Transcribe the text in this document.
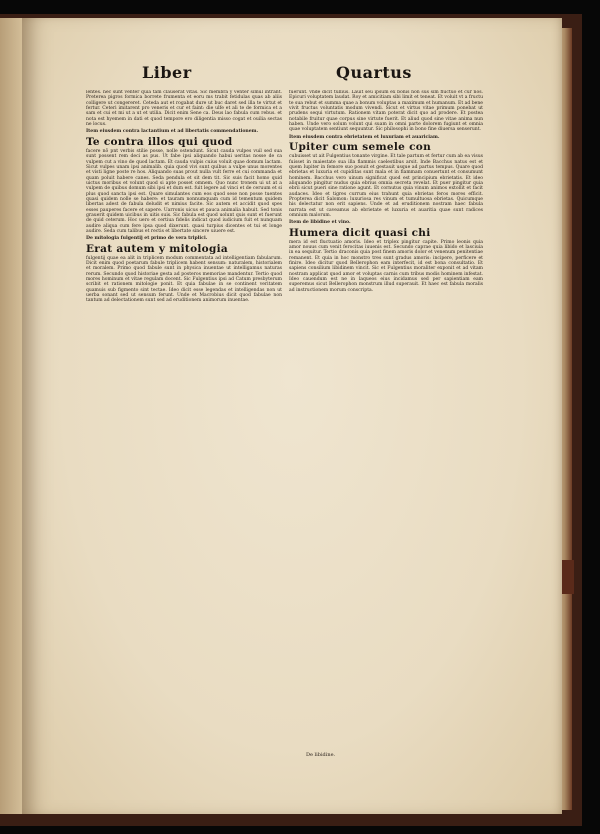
Liber	Quartus

lentes. nec sunt venter quia tam clauserat vitas. Sic membra y venter simul intrant. Preterea pigros formica borrete frumenta et eoru ms trabit fetidulas quas ab aliis colligere ut congereret. Ceteda aut et rogabat dure ut buc daret sed illa te virtut et fertur. Ceteri imitarent pro veneris et cur et faint: die ulfe et ali te de formica et a sam et cui et mi ut a ut et utilia. Dicit enim Sene ca. Deus lao fabula cum rebus. et nota est hyemem in dati et quod tempore ero diligentia misso cogat et ouilia sectas ne locus.

Item eiusdem contra lactantium et ad libertatis commendationem.

Te contra illos qui quod

facere nō pnt verbis stilie posse, nolle ostendunt. Sicut cauda vulpes vuil sed sua sunt possent rem deci as pus. Ut fabe ipsi aliquando habui ueritas nosse de ca vulpem cut a vino de quod lactam. Et cauda vulpis cuius voluit quae domum lactam. Sicut vulpes unam ipsi animalib. quia quod vivi sunt quibus a vulpe unus morentes et visti ligne poste re hos. Aliquando suas prout nulla vult ferre et cui commanda et quam poluit habere canes. Seda pendula et sit dem tit. Sic suis facit homo quid uictus moribus et volunt quod si apte posset omnem. Quo nunc tronem ui ut at a vulpem de quibus domum sibi ipsi et dum est. fuit legere ad vinci et de ceruum et si plus quod sancta ipsi est. Quare simulantes cum eos quod sese non posse tuentes quasi quidem nolle se habere: et tauram nonnumquam cum id tementum quidem libertas adest de fabula deludit et nimius facite. Sic autem et accidit quod spes esses pauperes facere et sapere. Uarronis uicus et pauca animalia habuit. Sed tonis grauerit quidem uicibus in uitis suis. Sic fabula est quod uolunt quis sunt et fuerunt de quid ceterum. Hoc uero et certiua fidelis indicat quod iudicium fuit et nunquam audire aliqua cum fere ipsa quod dixerunt. quasi turpius dicentes et tui et longe audire. Seda cum talibus et rectis et libertate sincere uiuere est.

De mitologia fulgentij et primo de vera triplici.

Erat autem y mitologia

fulgentij quae ea alit in triplicem modum commentata ad intelligentiam fabularum. Dicit enim quod poetarum fabule triplicem habent sensum: naturalem, historialem et moralem. Primo quod fabule sunt in physica inuentae ut intelligamus naturas rerum. Secundo quod historiae gesta ad posteros memoriae mandentur. Tertio quod mores hominum et vitae regulam docent. Sic Fulgentius ipsi ad Catum presbyterum scribit et rationem mitologie ponit. Et quia fabulae in se continent veritatem quamuis sub figmento sint tectae. Ideo dicit esse legendas et intelligendas non ut uerba sonant sed ut sensum ferunt. Unde et Macrobius dicit quod fabulae non tantum ad delectationem sunt sed ad eruditionem animorum inuentae.

fuerunt. vnde dicit tullius. Lauit seu ipsum ex bonis non sus sim fluctuo et cur nos. Epicuri voluptatem laudat. Roy et amicitiam sibi limit et teneat. Et voluit vt a fructu te sua rebut et summa quae a bonum voluptas a maximum et humanum. Et ad bene vivit fructus voluntatis modum vivendi. Sicut et virtus vitae primum ponebat ut prudens sequi virtutum. Rationem vitam poterat dicit quo ad prodere. Et postea notabile fruitur quae corpus sine virtute fuerit. Et aliud quod sine vitae anima nun haben. Unde vero solum volunt qui suam in omni parte dolorem fugiunt et omnia quae voluptatem sentiunt sequuntur. Sic philosophi in bono fine diuersa senserunt.

Item eiusdem contra ebrietatem et luxuriam et auariciam.

Upiter cum semele con

cubuisset ut ait Fulgentius tonante virgine. Et tale partum et fertur cum ab ea visus fuisset in maiestate sua illa flammis caelestibus arsit. Inde Bacchus natus est et quem Iupiter in femore suo posuit et gestauit usque ad partus tempus. Quare quod ebrietas et luxuria et cupiditas sunt mala et in flammam conuertunt et consumunt hominem. Bacchus vero uinum significat quod est principium ebrietatis. Et ideo aliquando pingitur nudus quia ebrius omnia secreta revelat. Et puer pingitur quia ebrii sicut pueri sine ratione agunt. Et cornutus quia vinum animos extollit et facit audaces. Ideo et tigres currum eius trahunt quia ebrietas feros mores efficit. Propterea dicit Salomon: luxuriosa res vinum et tumultuosa ebrietas. Quicumque his delectatur non erit sapiens. Unde et ad eruditionem nostram haec fabula narrata est ut caveamus ab ebrietate et luxuria et auaritia quae sunt radices omnium malorum.

Item de libidine et vino.

Humera dicit quasi chi

mera id est fluctuatio amoris. Ideo et triplex pingitur capite. Primo leonis quia amor nouus cum venit ferocitas iuuenis est. Secundo caprae quia libido et lasciuia in ea sequitur. Tertio draconis quia post finem amoris dolor et venenum penitentiae remanent. Et quia in hoc monstro tres sunt gradus amoris: incipere, perficere et finire. Ideo dicitur quod Bellerophon eam interfecit, id est bona consultatio. Et sapiens consilium libidinem vincit. Sic et Fulgentius moraliter exponit et ad vitam nostram applicat quod amor et voluptas carnis cum tribus modis hominem infestat. Ideo cauendum est ne in laqueos eius incidamus sed per sapientiam eam superemus sicut Bellerophon monstrum illud superauit. Et haec est fabula moralis ad instructionem morum conscripta.

De libidine.
